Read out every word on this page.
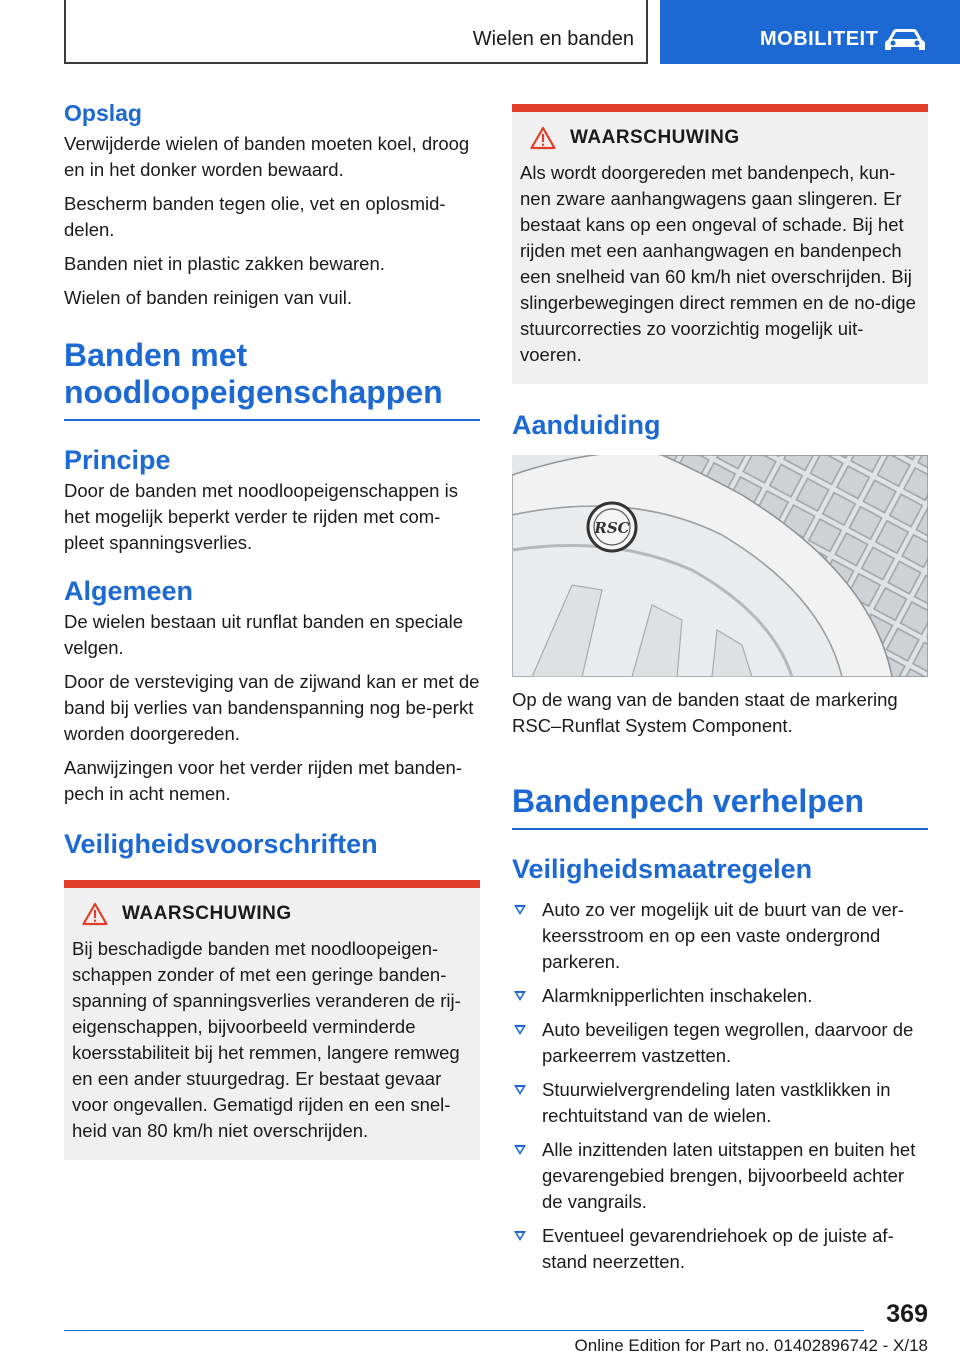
Wielen en banden	MOBILITEIT
Opslag

Verwijderde wielen of banden moeten koel, droog en in het donker worden bewaard.

Bescherm banden tegen olie, vet en oplosmid-delen.

Banden niet in plastic zakken bewaren.

Wielen of banden reinigen van vuil.

Banden met noodloopeigenschappen
Principe

Door de banden met noodloopeigenschappen is het mogelijk beperkt verder te rijden met com-pleet spanningsverlies.

Algemeen

De wielen bestaan uit runflat banden en speciale velgen.

Door de versteviging van de zijwand kan er met de band bij verlies van bandenspanning nog be-perkt worden doorgereden.

Aanwijzingen voor het verder rijden met banden-pech in acht nemen.

Veiligheidsvoorschriften
WAARSCHUWING

Bij beschadigde banden met noodloopeigen-schappen zonder of met een geringe banden-spanning of spanningsverlies veranderen de rij-eigenschappen, bijvoorbeeld verminderde koersstabiliteit bij het remmen, langere remweg en een ander stuurgedrag. Er bestaat gevaar voor ongevallen. Gematigd rijden en een snel-heid van 80 km/h niet overschrijden.

WAARSCHUWING

Als wordt doorgereden met bandenpech, kun-nen zware aanhangwagens gaan slingeren. Er bestaat kans op een ongeval of schade. Bij het rijden met een aanhangwagen en bandenpech een snelheid van 60 km/h niet overschrijden. Bij slingerbewegingen direct remmen en de no-dige stuurcorrecties zo voorzichtig mogelijk uit-voeren.

Aanduiding
RSC

Op de wang van de banden staat de markering RSC–Runflat System Component.

Bandenpech verhelpen
Veiligheidsmaatregelen
Auto zo ver mogelijk uit de buurt van de ver-keersstroom en op een vaste ondergrond parkeren.
Alarmknipperlichten inschakelen.
Auto beveiligen tegen wegrollen, daarvoor de parkeerrem vastzetten.
Stuurwielvergrendeling laten vastklikken in rechtuitstand van de wielen.
Alle inzittenden laten uitstappen en buiten het gevarengebied brengen, bijvoorbeeld achter de vangrails.
Eventueel gevarendriehoek op de juiste af-stand neerzetten.
369
Online Edition for Part no. 01402896742 - X/18
